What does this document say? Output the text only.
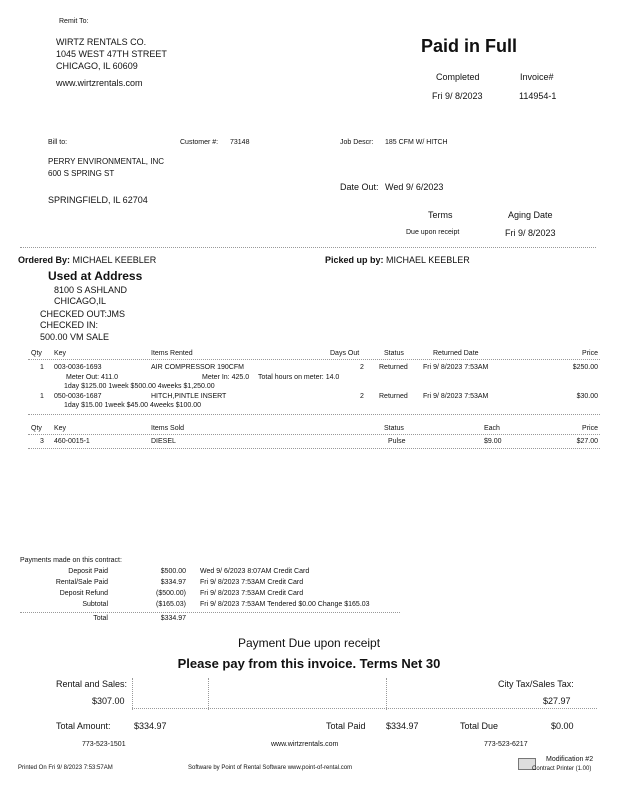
Remit To:
WIRTZ RENTALS CO.
1045 WEST 47TH STREET
CHICAGO, IL 60609
www.wirtzrentals.com
Paid in Full
Completed	Invoice#
Fri 9/ 8/2023	114954-1
Bill to:	Customer #: 73148	Job Descr: 185 CFM W/ HITCH
PERRY ENVIRONMENTAL, INC
600 S SPRING ST
SPRINGFIELD, IL 62704
Date Out: Wed 9/ 6/2023
Terms	Aging Date
Due upon receipt	Fri 9/ 8/2023
Ordered By: MICHAEL KEEBLER	Picked up by: MICHAEL KEEBLER
Used at Address
8100 S ASHLAND
CHICAGO,IL
CHECKED OUT:JMS
CHECKED IN:
500.00 VM SALE
Qty Key	Items Rented	Days Out	Status	Returned Date	Price
1 003-0036-1693	AIR COMPRESSOR 190CFM	2 Returned Fri 9/ 8/2023 7:53AM	$250.00
Meter Out: 411.0	Meter In: 425.0 Total hours on meter: 14.0
1day $125.00 1week $500.00 4weeks $1,250.00
1 050-0036-1687	HITCH,PINTLE INSERT	2 Returned Fri 9/ 8/2023 7:53AM	$30.00
1day $15.00 1week $45.00 4weeks $100.00
Qty Key	Items Sold	Status	Each	Price
3 460-0015-1	DIESEL	Pulse	$9.00	$27.00
Payments made on this contract:
Deposit Paid	$500.00 Wed 9/ 6/2023 8:07AM Credit Card
Rental/Sale Paid	$334.97 Fri 9/ 8/2023 7:53AM Credit Card
Deposit Refund	($500.00) Fri 9/ 8/2023 7:53AM Credit Card
Subtotal	($165.03) Fri 9/ 8/2023 7:53AM Tendered $0.00 Change $165.03
Total	$334.97
Payment Due upon receipt
Please pay from this invoice. Terms Net 30
Rental and Sales:	City Tax/Sales Tax:
$307.00	$27.97
Total Amount:	$334.97	Total Paid $334.97	Total Due	$0.00
773-523-1501	www.wirtzrentals.com	773-523-6217
Printed On Fri 9/ 8/2023 7:53:57AM	Software by Point of Rental Software www.point-of-rental.com
Modification #2
Contract Printer (1.00)
